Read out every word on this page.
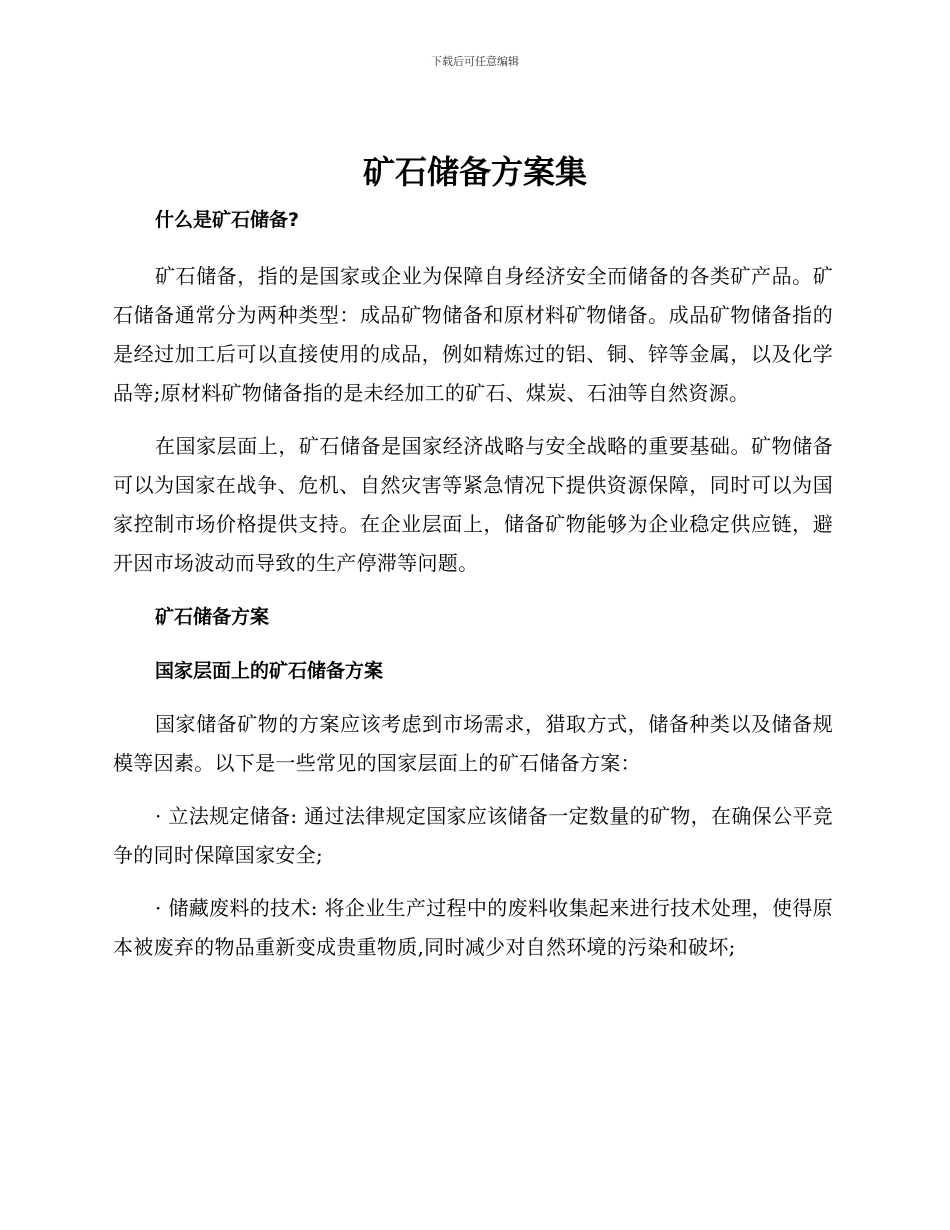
下载后可任意编辑
矿石储备方案集
什么是矿石储备?

矿石储备，指的是国家或企业为保障自身经济安全而储备的各类矿产品。矿石储备通常分为两种类型：成品矿物储备和原材料矿物储备。成品矿物储备指的是经过加工后可以直接使用的成品，例如精炼过的铝、铜、锌等金属，以及化学品等;原材料矿物储备指的是未经加工的矿石、煤炭、石油等自然资源。

在国家层面上，矿石储备是国家经济战略与安全战略的重要基础。矿物储备可以为国家在战争、危机、自然灾害等紧急情况下提供资源保障，同时可以为国家控制市场价格提供支持。在企业层面上，储备矿物能够为企业稳定供应链，避开因市场波动而导致的生产停滞等问题。

矿石储备方案
国家层面上的矿石储备方案

国家储备矿物的方案应该考虑到市场需求，猎取方式，储备种类以及储备规模等因素。以下是一些常见的国家层面上的矿石储备方案：

· 立法规定储备: 通过法律规定国家应该储备一定数量的矿物，在确保公平竞争的同时保障国家安全;

· 储藏废料的技术: 将企业生产过程中的废料收集起来进行技术处理，使得原本被废弃的物品重新变成贵重物质,同时减少对自然环境的污染和破坏;
